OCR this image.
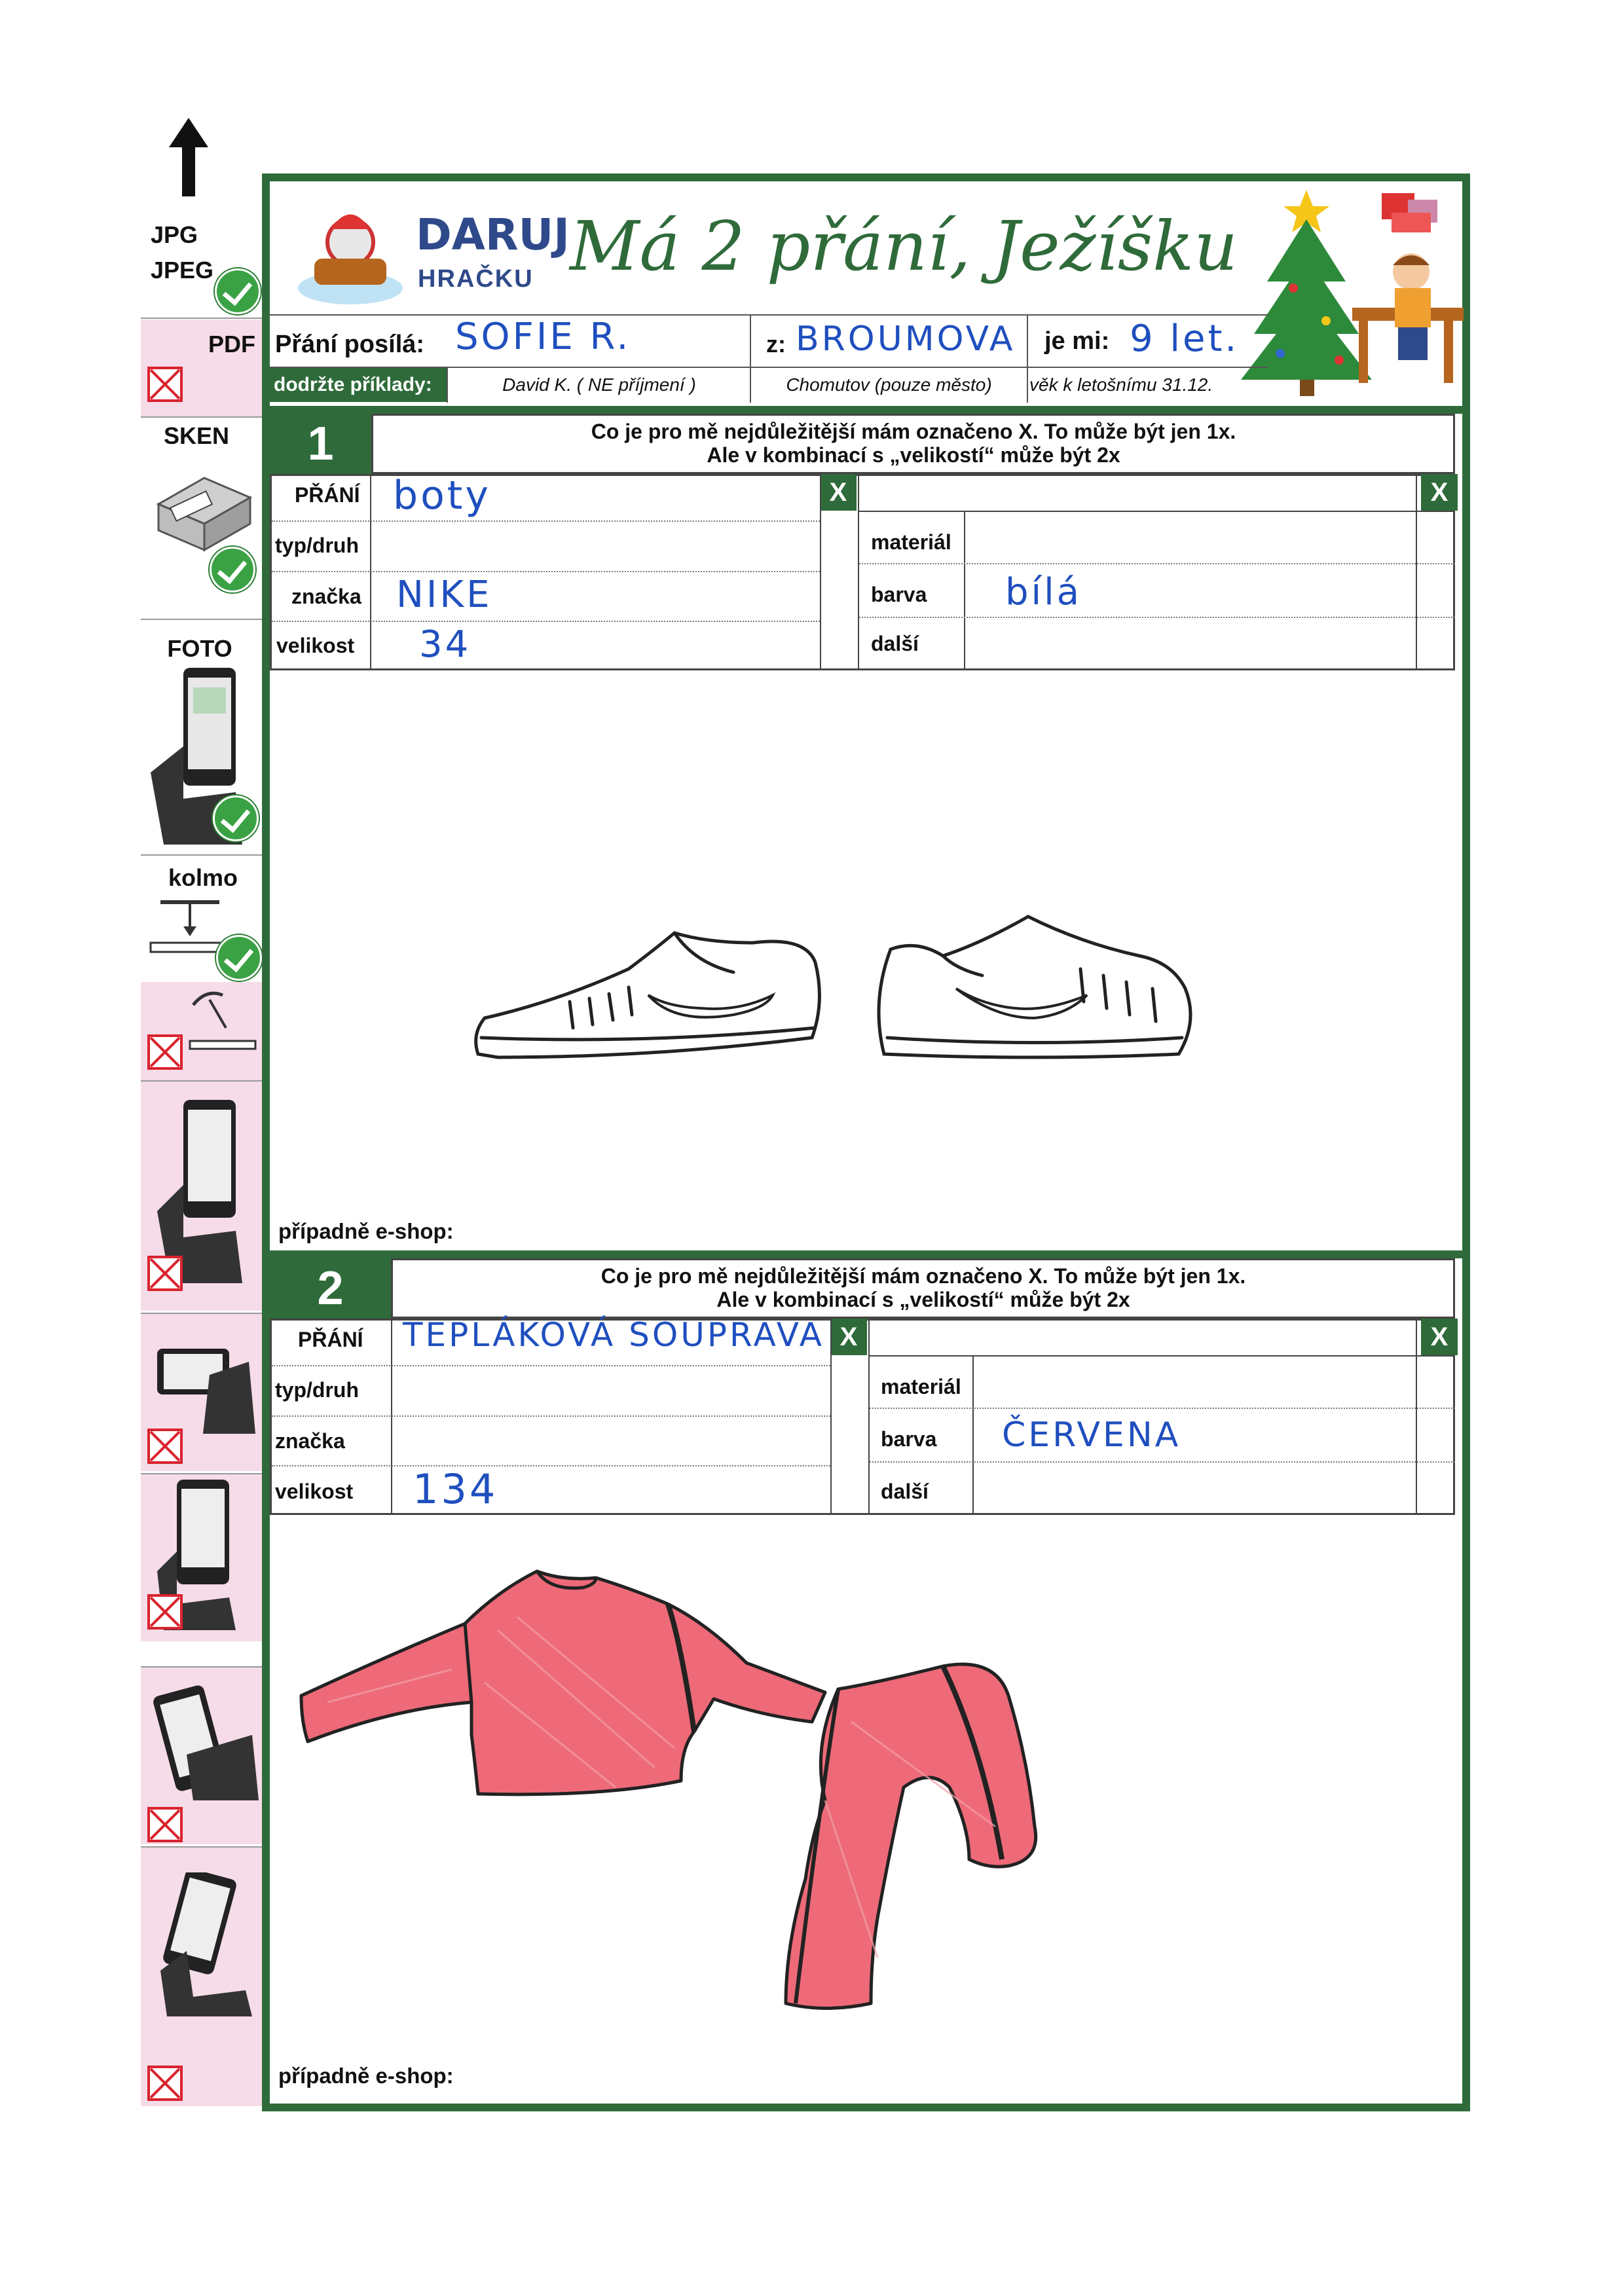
JPG
JPEG
PDF
SKEN
FOTO
kolmo
DARUJ
HRAČKU Má 2 přání, Ježíšku
Přání posílá: SOFIE R.	z: BROUMOVA je mi: 9 let.
dodržte příklady:	David K. ( NE příjmení )	Chomutov (pouze město)	věk k letošnímu 31.12.
1	Co je pro mě nejdůležitější mám označeno X. To může být jen 1x.
Ale v kombinací s „velikostí“ může být 2x
X	X
PŘÁNÍ boty
typ/druh
značka NIKE
velikost 34
materiál
barva bílá
další
případně e-shop:
2	Co je pro mě nejdůležitější mám označeno X. To může být jen 1x.
Ale v kombinací s „velikostí“ může být 2x
X	X
PŘÁNÍ TEPLÁKOVÁ SOUPRAVA
typ/druh
značka
velikost 134
materiál
barva ČERVENA
další
případně e-shop:
